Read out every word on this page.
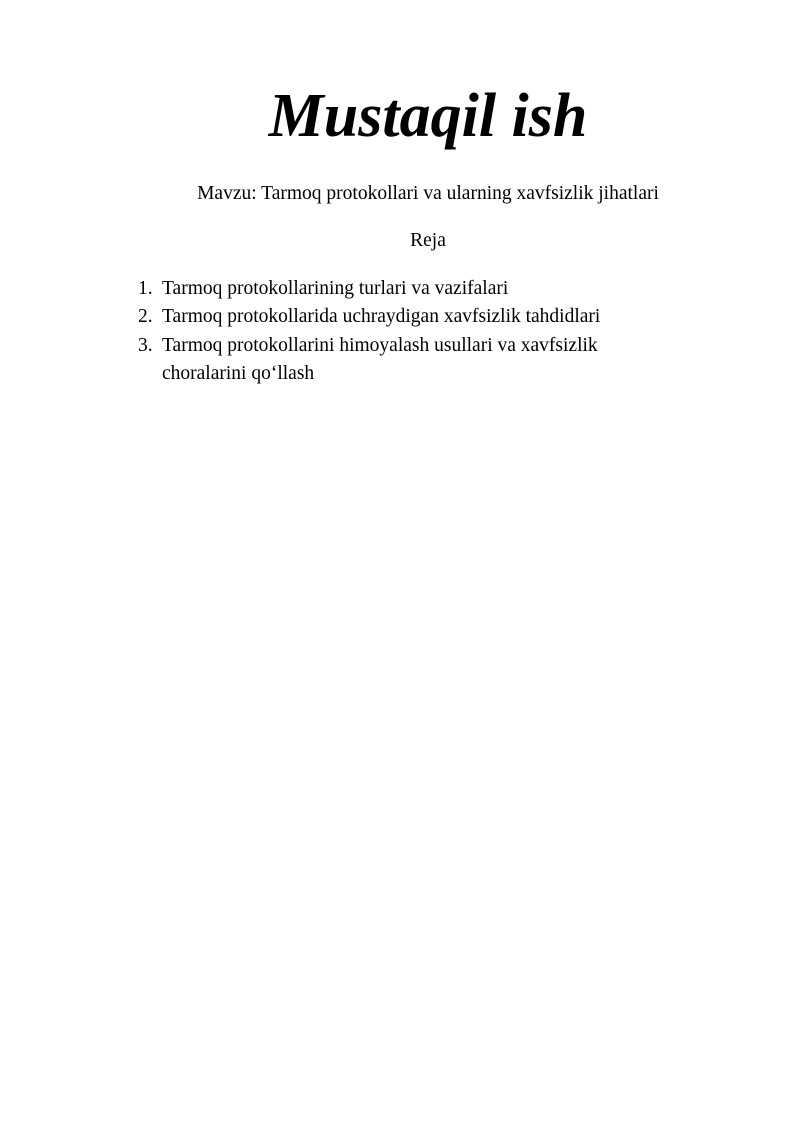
Mustaqil ish

Mavzu: Tarmoq protokollari va ularning xavfsizlik jihatlari

Reja

1. Tarmoq protokollarining turlari va vazifalari
2. Tarmoq protokollarida uchraydigan xavfsizlik tahdidlari
3. Tarmoq protokollarini himoyalash usullari va xavfsizlik choralarini qo‘llash
